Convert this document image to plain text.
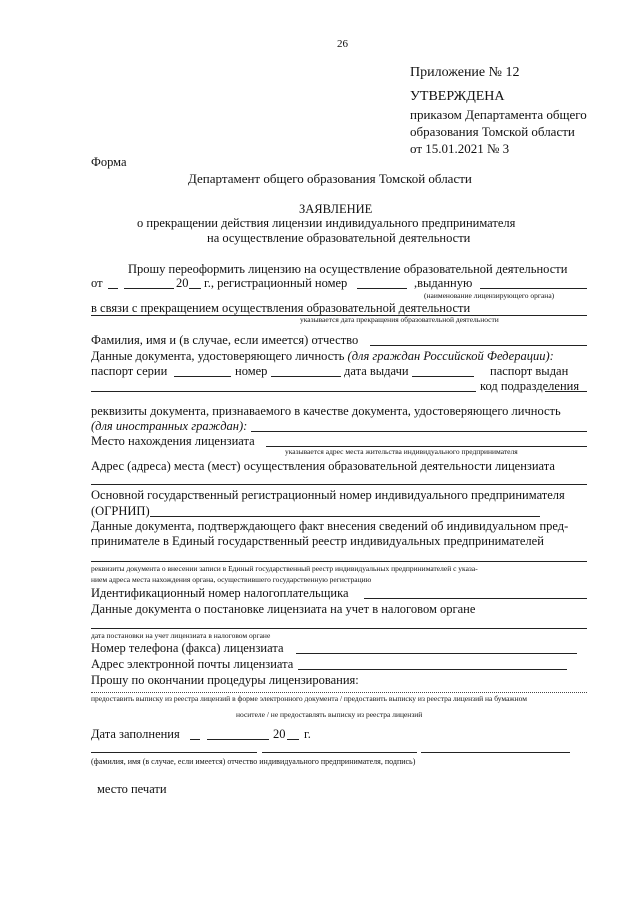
26
Приложение № 12
УТВЕРЖДЕНА
приказом Департамента общего
образования Томской области
от 15.01.2021 № 3
Форма
Департамент общего образования Томской области
ЗАЯВЛЕНИЕ
о прекращении действия лицензии индивидуального предпринимателя
на осуществление образовательной деятельности
Прошу переоформить лицензию на осуществление образовательной деятельности
от	20 г., регистрационный номер	,выданную
(наименование лицензирующего органа)
в связи с прекращением осуществления образовательной деятельности
указывается дата прекращения образовательной деятельности
Фамилия, имя и (в случае, если имеется) отчество
Данные документа, удостоверяющего личность (для граждан Российской Федерации):
паспорт серии	номер	дата выдачи	паспорт выдан
код подразделения
реквизиты документа, признаваемого в качестве документа, удостоверяющего личность
(для иностранных граждан):
Место нахождения лицензиата
указывается адрес места жительства индивидуального предпринимателя
Адрес (адреса) места (мест) осуществления образовательной деятельности лицензиата
Основной государственный регистрационный номер индивидуального предпринимателя
(ОГРНИП)
Данные документа, подтверждающего факт внесения сведений об индивидуальном пред-
принимателе в Единый государственный реестр индивидуальных предпринимателей
реквизиты документа о внесении записи в Единый государственный реестр индивидуальных предпринимателей с указа-
нием адреса места нахождения органа, осуществившего государственную регистрацию
Идентификационный номер налогоплательщика
Данные документа о постановке лицензиата на учет в налоговом органе
дата постановки на учет лицензиата в налоговом органе
Номер телефона (факса) лицензиата
Адрес электронной почты лицензиата
Прошу по окончании процедуры лицензирования:
предоставить выписку из реестра лицензий в форме электронного документа / предоставить выписку из реестра лицензий на бумажном
носителе / не предоставлять выписку из реестра лицензий
Дата заполнения	20 г.
(фамилия, имя (в случае, если имеется) отчество индивидуального предпринимателя, подпись)
место печати
